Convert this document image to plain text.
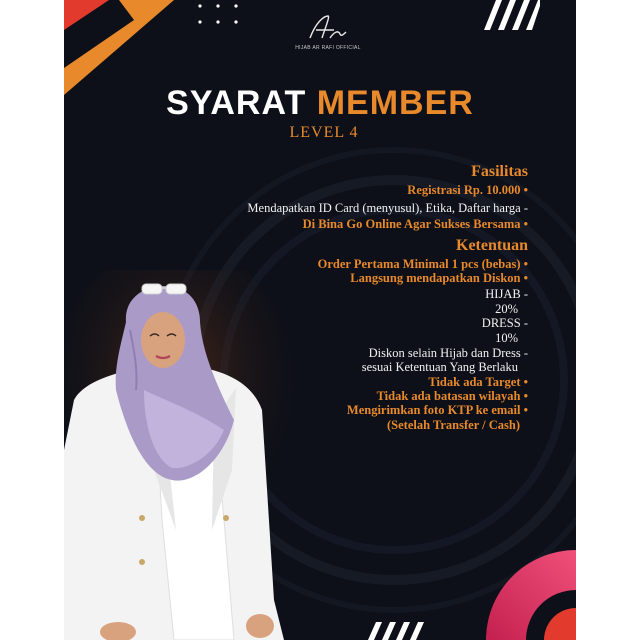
HIJAB AR RAFI OFFICIAL
SYARAT MEMBER
LEVEL 4
Fasilitas
Registrasi Rp. 10.000 •
Mendapatkan ID Card (menyusul), Etika, Daftar harga -
Di Bina Go Online Agar Sukses Bersama •
Ketentuan
Order Pertama Minimal 1 pcs (bebas) •
Langsung mendapatkan Diskon •
HIJAB -
20%
DRESS -
10%
Diskon selain Hijab dan Dress -
sesuai Ketentuan Yang Berlaku
Tidak ada Target •
Tidak ada batasan wilayah •
Mengirimkan foto KTP ke email •
(Setelah Transfer / Cash)
